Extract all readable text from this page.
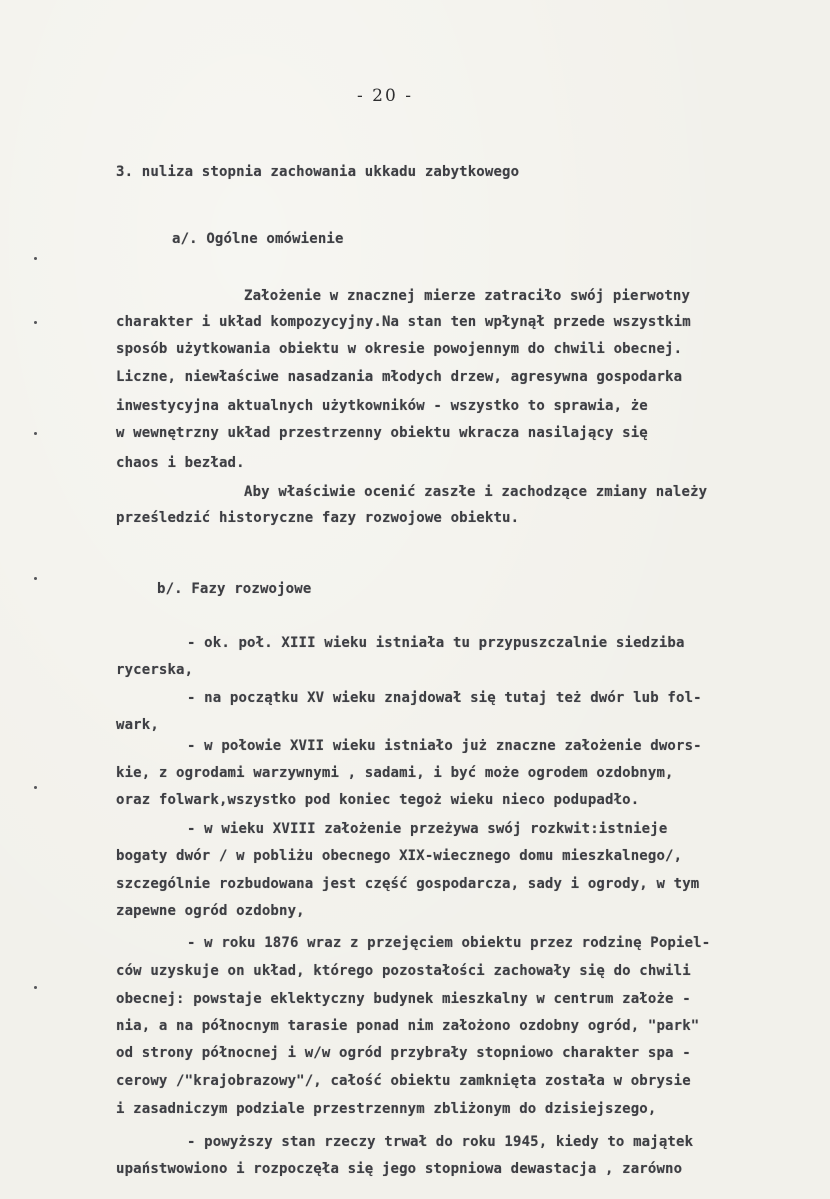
- 20 -
3. nuliza stopnia zachowania ukkadu zabytkowego
a/. Ogólne omówienie
Założenie w znacznej mierze zatraciło swój pierwotny
charakter i układ kompozycyjny.Na stan ten wpłynął przede wszystkim
sposób użytkowania obiektu w okresie powojennym do chwili obecnej.
Liczne, niewłaściwe nasadzania młodych drzew, agresywna gospodarka
inwestycyjna aktualnych użytkowników - wszystko to sprawia, że
w wewnętrzny układ przestrzenny obiektu wkracza nasilający się
chaos i bezład.
Aby właściwie ocenić zaszłe i zachodzące zmiany należy
prześledzić historyczne fazy rozwojowe obiektu.
b/. Fazy rozwojowe
- ok. poł. XIII wieku istniała tu przypuszczalnie siedziba
rycerska,
- na początku XV wieku znajdował się tutaj też dwór lub fol-
wark,
- w połowie XVII wieku istniało już znaczne założenie dwors-
kie, z ogrodami warzywnymi , sadami, i być może ogrodem ozdobnym,
oraz folwark,wszystko pod koniec tegoż wieku nieco podupadło.
- w wieku XVIII założenie przeżywa swój rozkwit:istnieje
bogaty dwór / w pobliżu obecnego XIX-wiecznego domu mieszkalnego/,
szczególnie rozbudowana jest część gospodarcza, sady i ogrody, w tym
zapewne ogród ozdobny,
- w roku 1876 wraz z przejęciem obiektu przez rodzinę Popiel-
ców uzyskuje on układ, którego pozostałości zachowały się do chwili
obecnej: powstaje eklektyczny budynek mieszkalny w centrum założe -
nia, a na północnym tarasie ponad nim założono ozdobny ogród, "park"
od strony północnej i w/w ogród przybrały stopniowo charakter spa -
cerowy /"krajobrazowy"/, całość obiektu zamknięta została w obrysie
i zasadniczym podziale przestrzennym zbliżonym do dzisiejszego,
- powyższy stan rzeczy trwał do roku 1945, kiedy to majątek
upaństwowiono i rozpoczęła się jego stopniowa dewastacja , zarówno
